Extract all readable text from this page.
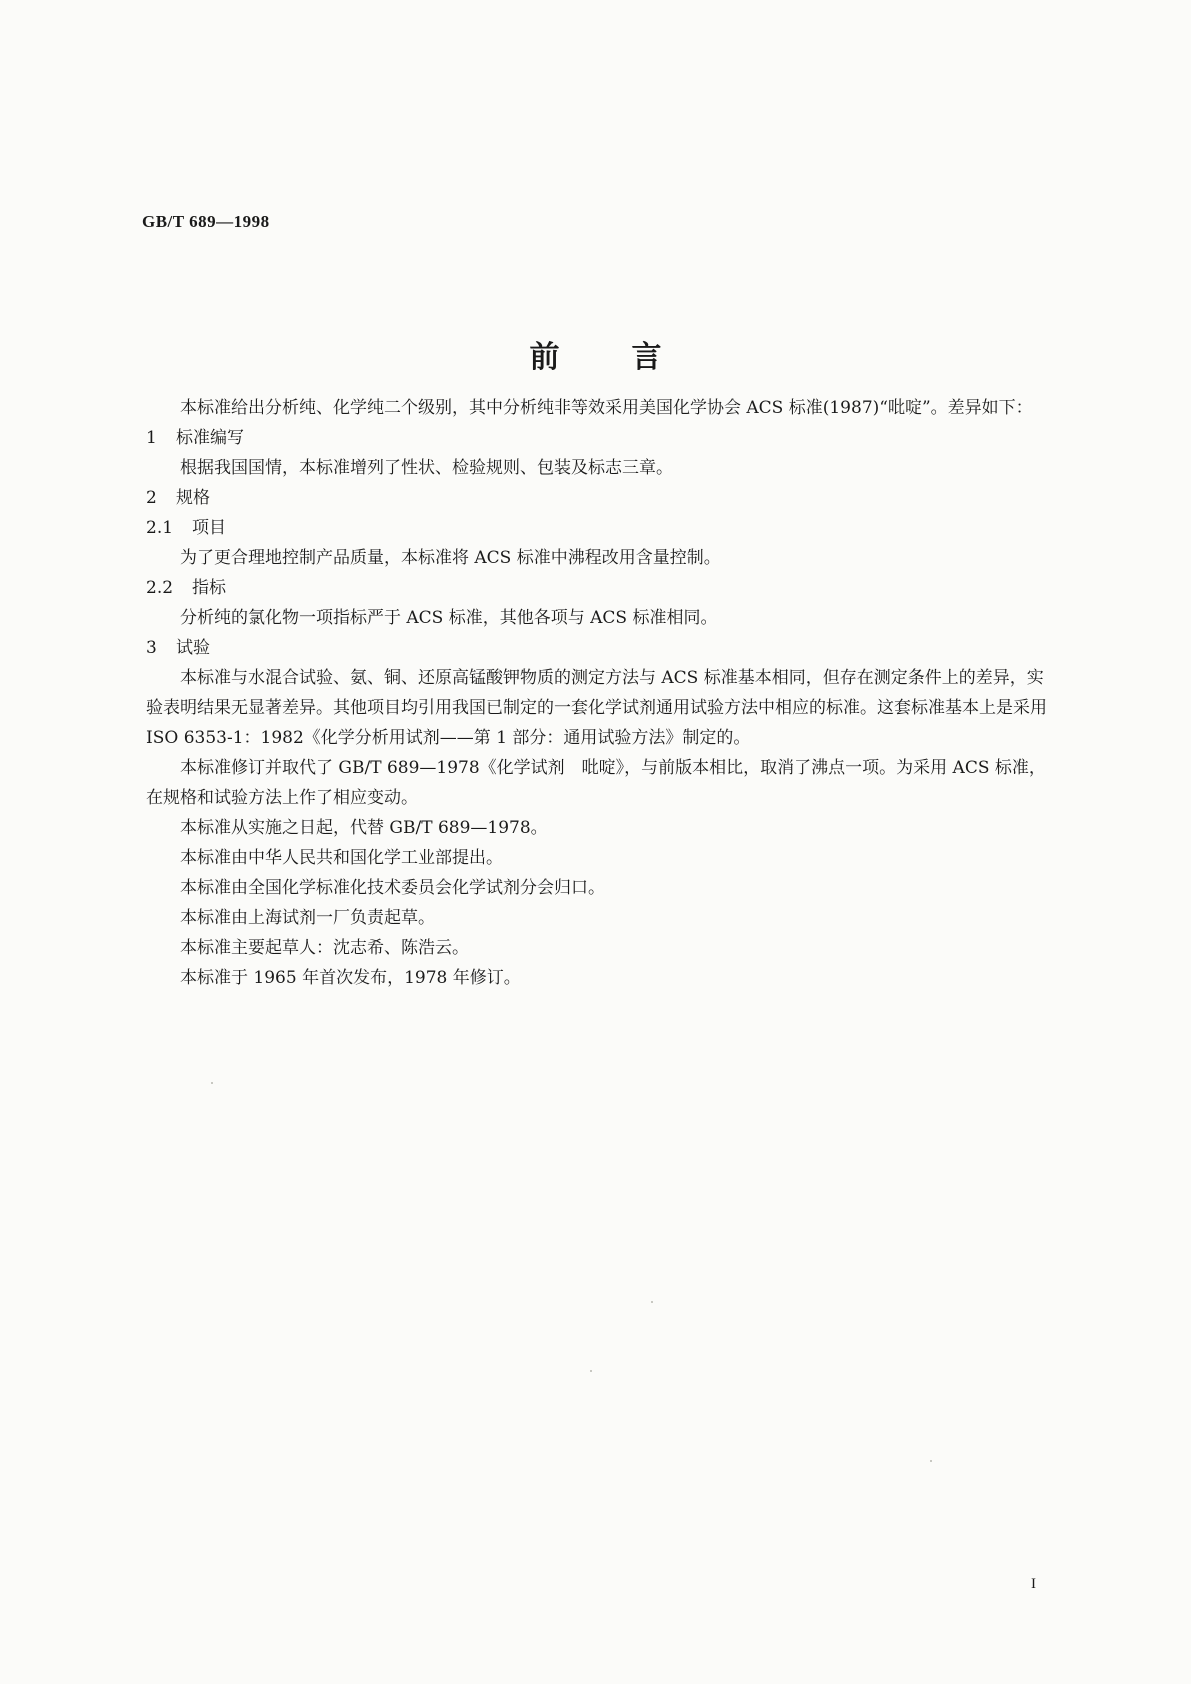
GB/T 689—1998
前言
本标准给出分析纯、化学纯二个级别，其中分析纯非等效采用美国化学协会 ACS 标准(1987)“吡啶”。差异如下：
1 标准编写
根据我国国情，本标准增列了性状、检验规则、包装及标志三章。
2 规格
2.1 项目
为了更合理地控制产品质量，本标准将 ACS 标准中沸程改用含量控制。
2.2 指标
分析纯的氯化物一项指标严于 ACS 标准，其他各项与 ACS 标准相同。
3 试验
本标准与水混合试验、氨、铜、还原高锰酸钾物质的测定方法与 ACS 标准基本相同，但存在测定条件上的差异，实验表明结果无显著差异。其他项目均引用我国已制定的一套化学试剂通用试验方法中相应的标准。这套标准基本上是采用 ISO 6353-1：1982《化学分析用试剂——第 1 部分：通用试验方法》制定的。
本标准修订并取代了 GB/T 689—1978《化学试剂　吡啶》，与前版本相比，取消了沸点一项。为采用 ACS 标准，在规格和试验方法上作了相应变动。
本标准从实施之日起，代替 GB/T 689—1978。
本标准由中华人民共和国化学工业部提出。
本标准由全国化学标准化技术委员会化学试剂分会归口。
本标准由上海试剂一厂负责起草。
本标准主要起草人：沈志希、陈浩云。
本标准于 1965 年首次发布，1978 年修订。
I
